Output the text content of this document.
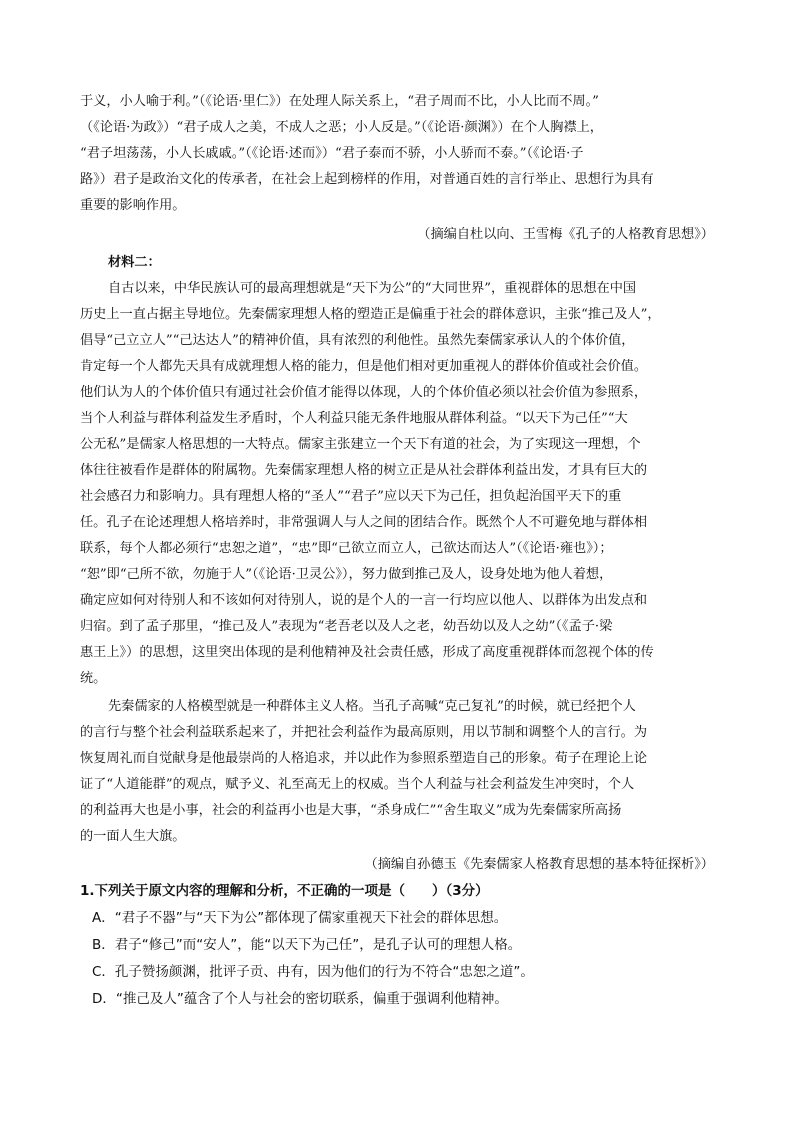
于义，小人喻于利。”（《论语·里仁》）在处理人际关系上，“君子周而不比，小人比而不周。”
（《论语·为政》）“君子成人之美，不成人之恶；小人反是。”（《论语·颜渊》）在个人胸襟上，
“君子坦荡荡，小人长戚戚。”（《论语·述而》）“君子泰而不骄，小人骄而不泰。”（《论语·子
路》）君子是政治文化的传承者，在社会上起到榜样的作用，对普通百姓的言行举止、思想行为具有
重要的影响作用。
（摘编自杜以向、王雪梅《孔子的人格教育思想》）
材料二：
自古以来，中华民族认可的最高理想就是“天下为公”的“大同世界”，重视群体的思想在中国
历史上一直占据主导地位。先秦儒家理想人格的塑造正是偏重于社会的群体意识，主张“推己及人”，
倡导“己立立人”“己达达人”的精神价值，具有浓烈的利他性。虽然先秦儒家承认人的个体价值，
肯定每一个人都先天具有成就理想人格的能力，但是他们相对更加重视人的群体价值或社会价值。
他们认为人的个体价值只有通过社会价值才能得以体现，人的个体价值必须以社会价值为参照系，
当个人利益与群体利益发生矛盾时，个人利益只能无条件地服从群体利益。“以天下为己任”“大
公无私”是儒家人格思想的一大特点。儒家主张建立一个天下有道的社会，为了实现这一理想，个
体往往被看作是群体的附属物。先秦儒家理想人格的树立正是从社会群体利益出发，才具有巨大的
社会感召力和影响力。具有理想人格的“圣人”“君子”应以天下为己任，担负起治国平天下的重
任。孔子在论述理想人格培养时，非常强调人与人之间的团结合作。既然个人不可避免地与群体相
联系，每个人都必须行“忠恕之道”，“忠”即“己欲立而立人，己欲达而达人”（《论语·雍也》）；
“恕”即“己所不欲，勿施于人”（《论语·卫灵公》），努力做到推己及人，设身处地为他人着想，
确定应如何对待别人和不该如何对待别人，说的是个人的一言一行均应以他人、以群体为出发点和
归宿。到了孟子那里，“推己及人”表现为“老吾老以及人之老，幼吾幼以及人之幼”（《孟子·梁
惠王上》）的思想，这里突出体现的是利他精神及社会责任感，形成了高度重视群体而忽视个体的传
统。
先秦儒家的人格模型就是一种群体主义人格。当孔子高喊“克己复礼”的时候，就已经把个人
的言行与整个社会利益联系起来了，并把社会利益作为最高原则，用以节制和调整个人的言行。为
恢复周礼而自觉献身是他最崇尚的人格追求，并以此作为参照系塑造自己的形象。荀子在理论上论
证了“人道能群”的观点，赋予义、礼至高无上的权威。当个人利益与社会利益发生冲突时，个人
的利益再大也是小事，社会的利益再小也是大事，“杀身成仁”“舍生取义”成为先秦儒家所高扬
的一面人生大旗。
（摘编自孙德玉《先秦儒家人格教育思想的基本特征探析》）
1.下列关于原文内容的理解和分析，不正确的一项是（　　）（3分）
A．“君子不器”与“天下为公”都体现了儒家重视天下社会的群体思想。
B．君子“修己”而“安人”，能“以天下为己任”，是孔子认可的理想人格。
C．孔子赞扬颜渊，批评子贡、冉有，因为他们的行为不符合“忠恕之道”。
D．“推己及人”蕴含了个人与社会的密切联系，偏重于强调利他精神。
